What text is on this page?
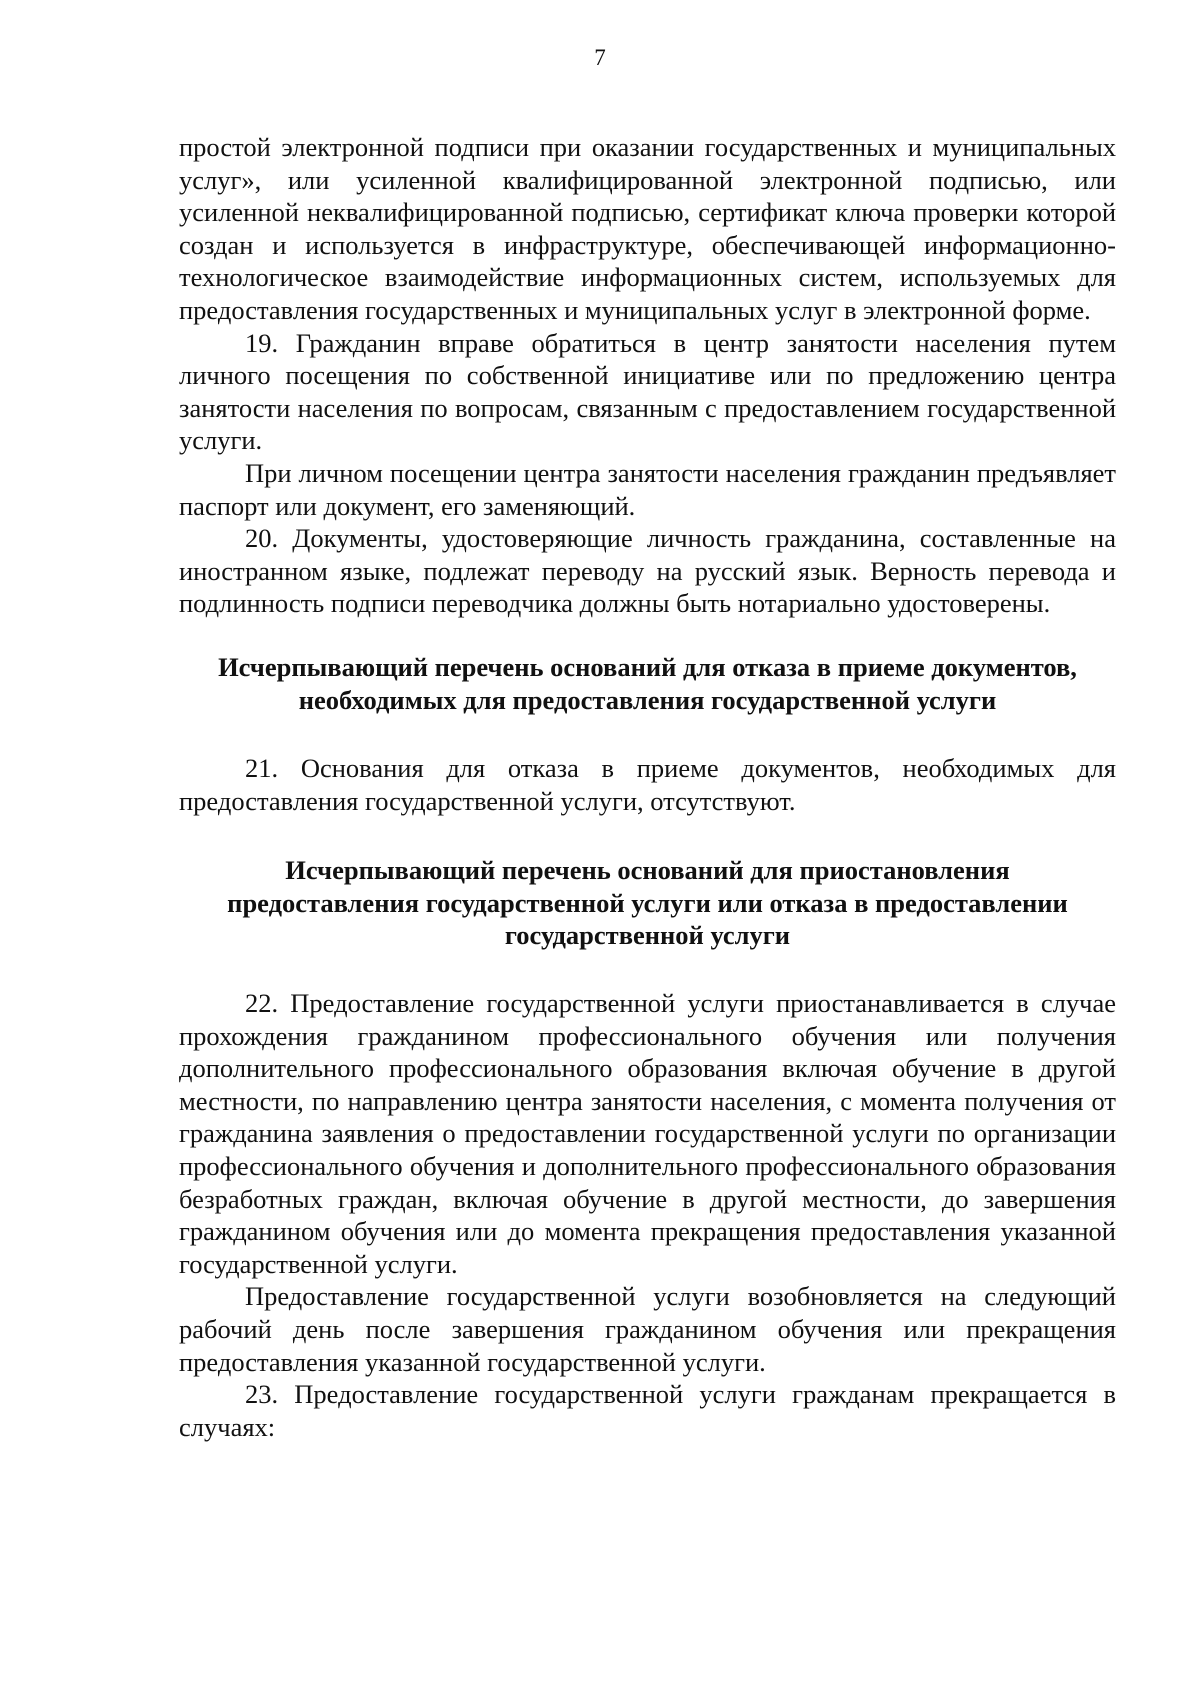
7

простой электронной подписи при оказании государственных и муниципальных услуг», или усиленной квалифицированной электронной подписью, или усиленной неквалифицированной подписью, сертификат ключа проверки которой создан и используется в инфраструктуре, обеспечивающей информационно-технологическое взаимодействие информационных систем, используемых для предоставления государственных и муниципальных услуг в электронной форме.

19. Гражданин вправе обратиться в центр занятости населения путем личного посещения по собственной инициативе или по предложению центра занятости населения по вопросам, связанным с предоставлением государственной услуги.

При личном посещении центра занятости населения гражданин предъявляет паспорт или документ, его заменяющий.

20. Документы, удостоверяющие личность гражданина, составленные на иностранном языке, подлежат переводу на русский язык. Верность перевода и подлинность подписи переводчика должны быть нотариально удостоверены.

Исчерпывающий перечень оснований для отказа в приеме документов,
необходимых для предоставления государственной услуги

21. Основания для отказа в приеме документов, необходимых для предоставления государственной услуги, отсутствуют.

Исчерпывающий перечень оснований для приостановления
предоставления государственной услуги или отказа в предоставлении
государственной услуги

22. Предоставление государственной услуги приостанавливается в случае прохождения гражданином профессионального обучения или получения дополнительного профессионального образования включая обучение в другой местности, по направлению центра занятости населения, с момента получения от гражданина заявления о предоставлении государственной услуги по организации профессионального обучения и дополнительного профессионального образования безработных граждан, включая обучение в другой местности, до завершения гражданином обучения или до момента прекращения предоставления указанной государственной услуги.

Предоставление государственной услуги возобновляется на следующий рабочий день после завершения гражданином обучения или прекращения предоставления указанной государственной услуги.

23. Предоставление государственной услуги гражданам прекращается в случаях:
